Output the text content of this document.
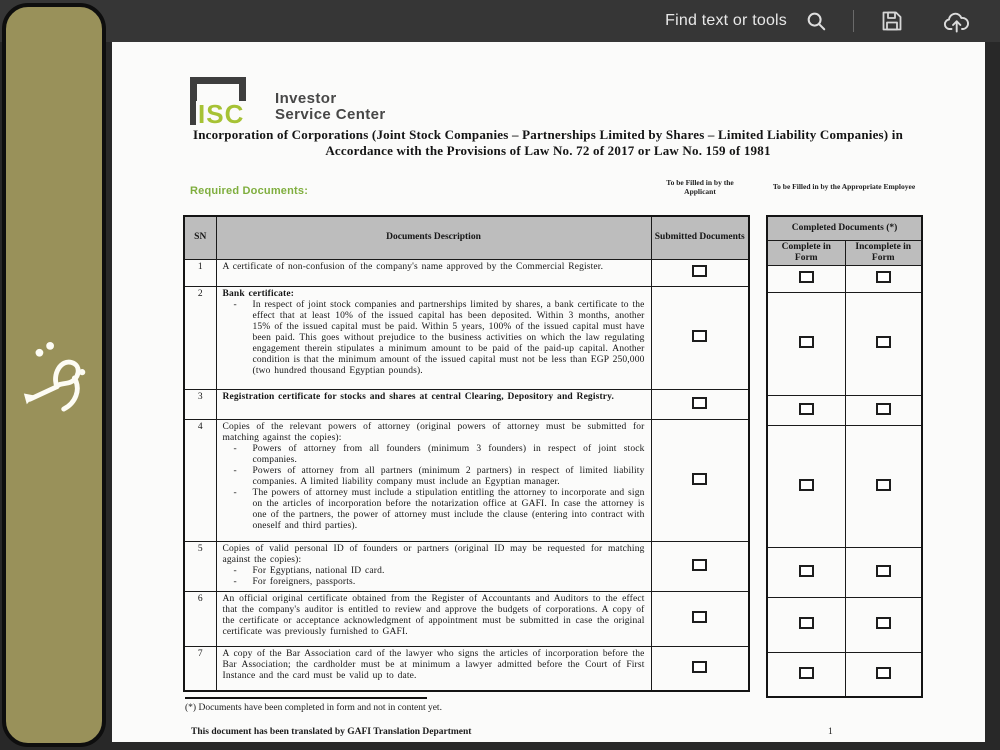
Find text or tools
ISC
Investor
Service Center
Incorporation of Corporations (Joint Stock Companies – Partnerships Limited by Shares – Limited Liability Companies) in Accordance with the Provisions of Law No. 72 of 2017 or Law No. 159 of 1981
Required Documents:
To be Filled in by the Applicant
To be Filled in by the Appropriate Employee
SN	Documents Description	Submitted Documents
1	A certificate of non-confusion of the company's name approved by the Commercial Register.	

2	Bank certificate:
- In respect of joint stock companies and partnerships limited by shares, a bank certificate to the effect that at least 10% of the issued capital has been deposited. Within 3 months, another 15% of the issued capital must be paid. Within 5 years, 100% of the issued capital must have been paid. This goes without prejudice to the business activities on which the law regulating engagement therein stipulates a minimum amount to be paid of the paid-up capital. Another condition is that the minimum amount of the issued capital must not be less than EGP 250,000 (two hundred thousand Egyptian pounds).

3	Registration certificate for stocks and shares at central Clearing, Depository and Registry.	

4	Copies of the relevant powers of attorney (original powers of attorney must be submitted for matching against the copies):
- Powers of attorney from all founders (minimum 3 founders) in respect of joint stock companies.
- Powers of attorney from all partners (minimum 2 partners) in respect of limited liability companies. A limited liability company must include an Egyptian manager.
- The powers of attorney must include a stipulation entitling the attorney to incorporate and sign on the articles of incorporation before the notarization office at GAFI. In case the attorney is one of the partners, the power of attorney must include the clause (entering into contract with oneself and third parties).

5	Copies of valid personal ID of founders or partners (original ID may be requested for matching against the copies):
- For Egyptians, national ID card.
- For foreigners, passports.

6	An official original certificate obtained from the Register of Accountants and Auditors to the effect that the company's auditor is entitled to review and approve the budgets of corporations. A copy of the certificate or acceptance acknowledgment of appointment must be submitted in case the original certificate was previously furnished to GAFI.	

7	A copy of the Bar Association card of the lawyer who signs the articles of incorporation before the Bar Association; the cardholder must be at minimum a lawyer admitted before the Court of First Instance and the card must be valid up to date.	

Completed Documents (*)	
Complete in Form	Incomplete in Form

(*) Documents have been completed in form and not in content yet.
This document has been translated by GAFI Translation Department	1
